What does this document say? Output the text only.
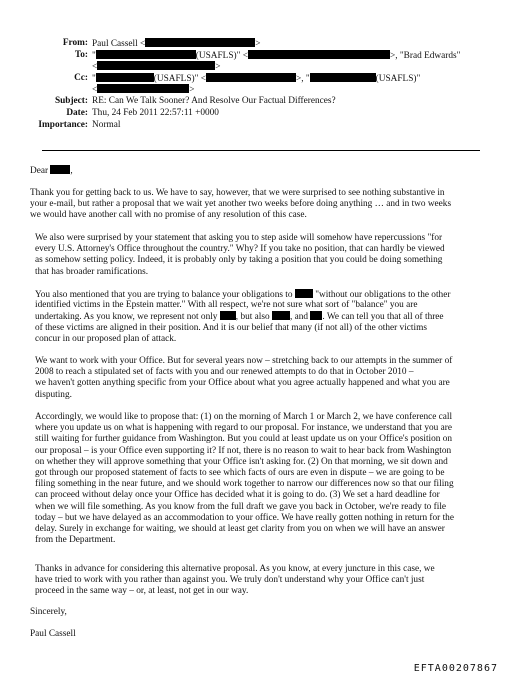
From: Paul Cassell <	>
To: "	(USAFLS)" <	>, "Brad Edwards"
<	>
Cc: "	(USAFLS)" <	>, "	(USAFLS)"
<	>
Subject: RE: Can We Talk Sooner? And Resolve Our Factual Differences?
Date: Thu, 24 Feb 2011 22:57:11 +0000
Importance: Normal
Dear ,
Thank you for getting back to us. We have to say, however, that we were surprised to see nothing substantive in
your e-mail, but rather a proposal that we wait yet another two weeks before doing anything … and in two weeks
we would have another call with no promise of any resolution of this case.
We also were surprised by your statement that asking you to step aside will somehow have repercussions "for
every U.S. Attorney's Office throughout the country." Why? If you take no position, that can hardly be viewed
as somehow setting policy. Indeed, it is probably only by taking a position that you could be doing something
that has broader ramifications.
You also mentioned that you are trying to balance your obligations to "without our obligations to the other
identified victims in the Epstein matter." With all respect, we're not sure what sort of "balance" you are
undertaking. As you know, we represent not only , but also , and . We can tell you that all of three
of these victims are aligned in their position. And it is our belief that many (if not all) of the other victims
concur in our proposed plan of attack.
We want to work with your Office. But for several years now – stretching back to our attempts in the summer of
2008 to reach a stipulated set of facts with you and our renewed attempts to do that in October 2010 –
we haven't gotten anything specific from your Office about what you agree actually happened and what you are
disputing.
Accordingly, we would like to propose that: (1) on the morning of March 1 or March 2, we have conference call
where you update us on what is happening with regard to our proposal. For instance, we understand that you are
still waiting for further guidance from Washington. But you could at least update us on your Office's position on
our proposal – is your Office even supporting it? If not, there is no reason to wait to hear back from Washington
on whether they will approve something that your Office isn't asking for. (2) On that morning, we sit down and
got through our proposed statement of facts to see which facts of ours are even in dispute – we are going to be
filing something in the near future, and we should work together to narrow our differences now so that our filing
can proceed without delay once your Office has decided what it is going to do. (3) We set a hard deadline for
when we will file something. As you know from the full draft we gave you back in October, we're ready to file
today – but we have delayed as an accommodation to your office. We have really gotten nothing in return for the
delay. Surely in exchange for waiting, we should at least get clarity from you on when we will have an answer
from the Department.
Thanks in advance for considering this alternative proposal. As you know, at every juncture in this case, we
have tried to work with you rather than against you. We truly don't understand why your Office can't just
proceed in the same way – or, at least, not get in our way.
Sincerely,
Paul Cassell
EFTA00207867
